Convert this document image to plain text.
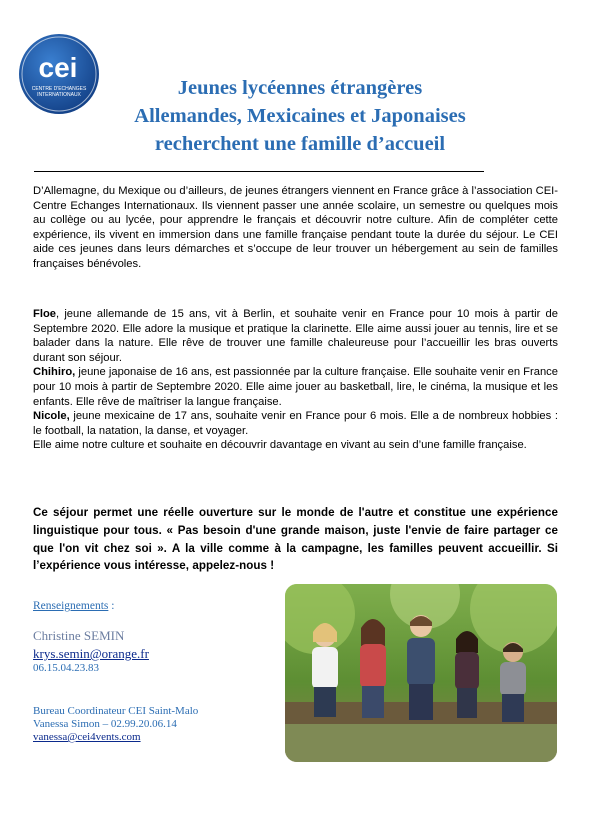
cei
CENTRE D'ECHANGES
INTERNATIONAUX	Jeunes lycéennes étrangères
Allemandes, Mexicaines et Japonaises
recherchent une famille d’accueil
D’Allemagne, du Mexique ou d’ailleurs, de jeunes étrangers viennent en France grâce à l’association CEI-Centre Echanges Internationaux. Ils viennent passer une année scolaire, un semestre ou quelques mois au collège ou au lycée, pour apprendre le français et découvrir notre culture. Afin de compléter cette expérience, ils vivent en immersion dans une famille française pendant toute la durée du séjour. Le CEI aide ces jeunes dans leurs démarches et s’occupe de leur trouver un hébergement au sein de familles françaises bénévoles.

Floe, jeune allemande de 15 ans, vit à Berlin, et souhaite venir en France pour 10 mois à partir de Septembre 2020. Elle adore la musique et pratique la clarinette. Elle aime aussi jouer au tennis, lire et se balader dans la nature. Elle rêve de trouver une famille chaleureuse pour l’accueillir les bras ouverts durant son séjour.

Chihiro, jeune japonaise de 16 ans, est passionnée par la culture française. Elle souhaite venir en France pour 10 mois à partir de Septembre 2020. Elle aime jouer au basketball, lire, le cinéma, la musique et les enfants. Elle rêve de maîtriser la langue française.

Nicole, jeune mexicaine de 17 ans, souhaite venir en France pour 6 mois. Elle a de nombreux hobbies : le football, la natation, la danse, et voyager.

Elle aime notre culture et souhaite en découvrir davantage en vivant au sein d’une famille française.

Ce séjour permet une réelle ouverture sur le monde de l'autre et constitue une expérience linguistique pour tous. « Pas besoin d'une grande maison, juste l'envie de faire partager ce que l'on vit chez soi ». A la ville comme à la campagne, les familles peuvent accueillir. Si l’expérience vous intéresse, appelez-nous !
Renseignements :
Christine SEMIN
krys.semin@orange.fr
06.15.04.23.83
Bureau Coordinateur CEI Saint-Malo
Vanessa Simon – 02.99.20.06.14
vanessa@cei4vents.com
